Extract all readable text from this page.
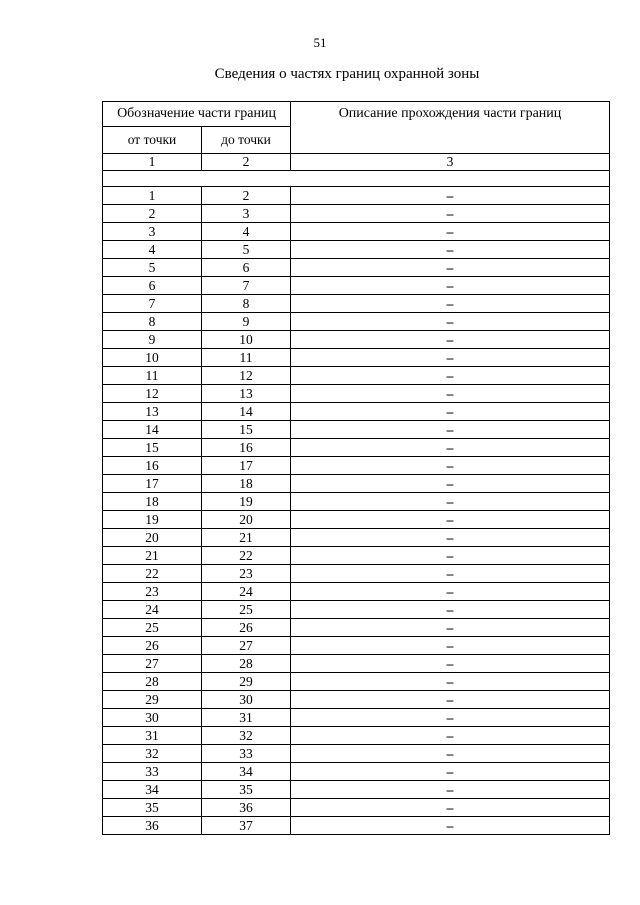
51
Сведения о частях границ охранной зоны
Обозначение части границ		Описание прохождения части границ
от точки	до точки	
1	2	3

1	2	–
2	3	–
3	4	–
4	5	–
5	6	–
6	7	–
7	8	–
8	9	–
9	10	–
10	11	–
11	12	–
12	13	–
13	14	–
14	15	–
15	16	–
16	17	–
17	18	–
18	19	–
19	20	–
20	21	–
21	22	–
22	23	–
23	24	–
24	25	–
25	26	–
26	27	–
27	28	–
28	29	–
29	30	–
30	31	–
31	32	–
32	33	–
33	34	–
34	35	–
35	36	–
36	37	–
